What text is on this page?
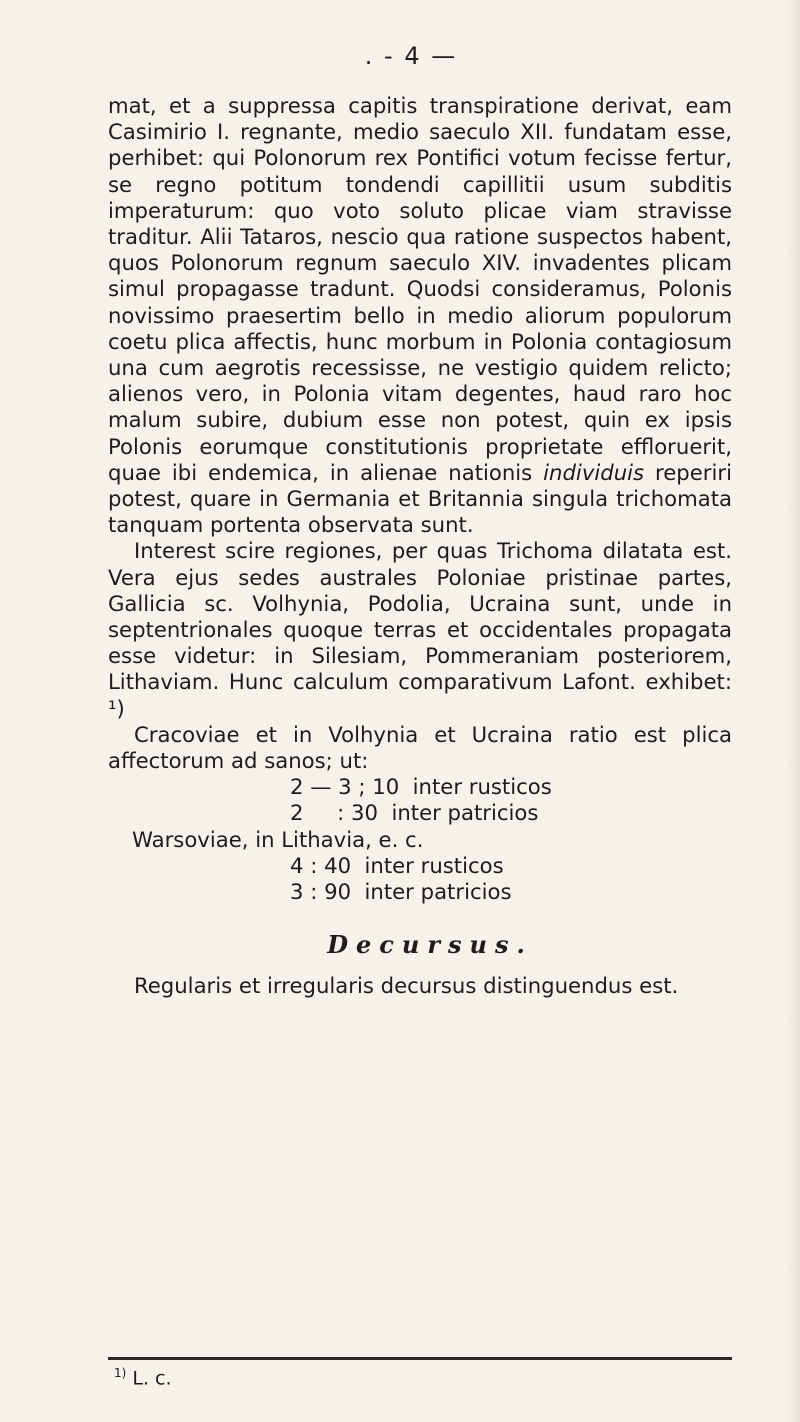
. - 4 —

mat, et a suppressa capitis transpiratione derivat, eam Casimirio I. regnante, medio saeculo XII. fundatam esse, perhibet: qui Polonorum rex Pontifici votum fecisse fertur, se regno potitum tondendi capillitii usum subditis imperaturum: quo voto soluto plicae viam stravisse traditur. Alii Tataros, nescio qua ratione suspectos habent, quos Polonorum regnum saeculo XIV. invadentes plicam simul propagasse tradunt. Quodsi consideramus, Polonis novissimo praesertim bello in medio aliorum populorum coetu plica affectis, hunc morbum in Polonia contagiosum una cum aegrotis recessisse, ne vestigio quidem relicto; alienos vero, in Polonia vitam degentes, haud raro hoc malum subire, dubium esse non potest, quin ex ipsis Polonis eorumque constitutionis proprietate effloruerit, quae ibi endemica, in alienae nationis individuis reperiri potest, quare in Germania et Britannia singula trichomata tanquam portenta observata sunt.

Interest scire regiones, per quas Trichoma dilatata est. Vera ejus sedes australes Poloniae pristinae partes, Gallicia sc. Volhynia, Podolia, Ucraina sunt, unde in septentrionales quoque terras et occidentales propagata esse videtur: in Silesiam, Pommeraniam posteriorem, Lithaviam. Hunc calculum comparativum Lafont. exhibet: ¹)

Cracoviae et in Volhynia et Ucraina ratio est plica affectorum ad sanos; ut:

2 — 3 ; 10  inter rusticos
2     : 30  inter patricios
Warsoviae, in Lithavia, e. c.
4 : 40  inter rusticos
3 : 90  inter patricios
Decursus.

Regularis et irregularis decursus distinguendus est.

$^{1)}$ L. c.
